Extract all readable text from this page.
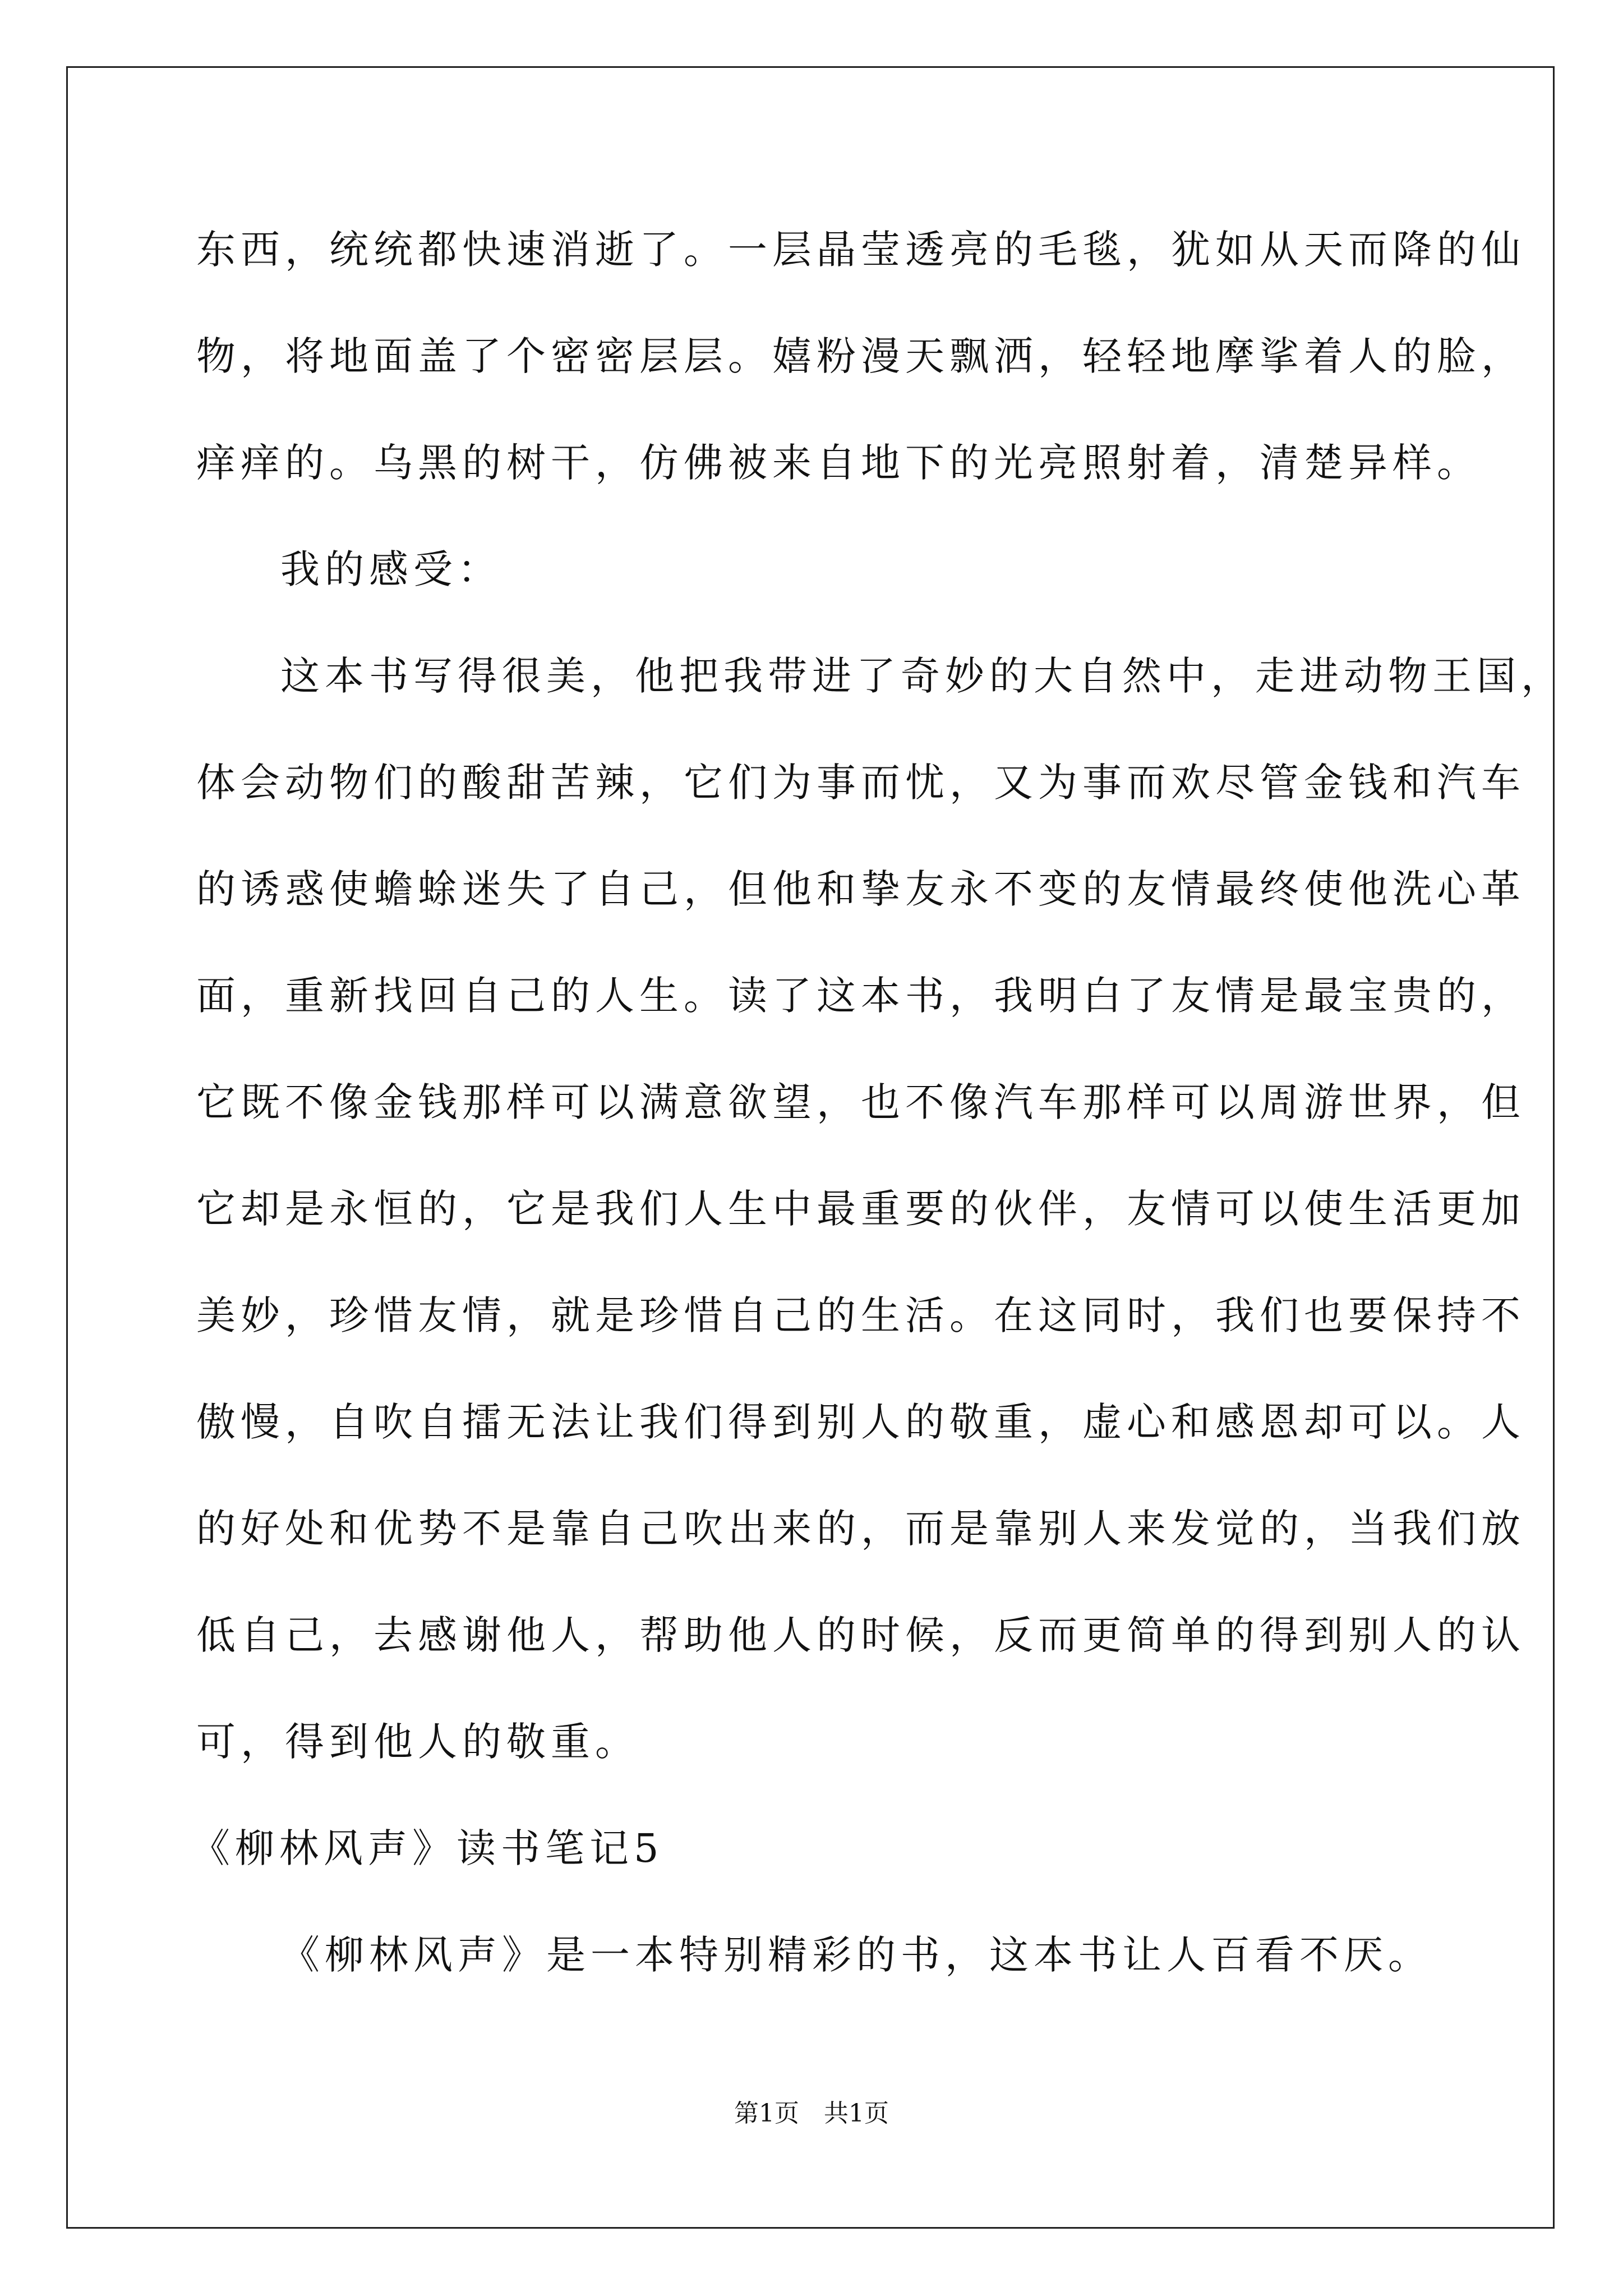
东西，统统都快速消逝了。一层晶莹透亮的毛毯，犹如从天而降的仙
物，将地面盖了个密密层层。嬉粉漫天飘洒，轻轻地摩挲着人的脸，
痒痒的。乌黑的树干，仿佛被来自地下的光亮照射着，清楚异样。
我的感受：
这本书写得很美，他把我带进了奇妙的大自然中，走进动物王国，
体会动物们的酸甜苦辣，它们为事而忧，又为事而欢尽管金钱和汽车
的诱惑使蟾蜍迷失了自己，但他和挚友永不变的友情最终使他洗心革
面，重新找回自己的人生。读了这本书，我明白了友情是最宝贵的，
它既不像金钱那样可以满意欲望，也不像汽车那样可以周游世界，但
它却是永恒的，它是我们人生中最重要的伙伴，友情可以使生活更加
美妙，珍惜友情，就是珍惜自己的生活。在这同时，我们也要保持不
傲慢，自吹自擂无法让我们得到别人的敬重，虚心和感恩却可以。人
的好处和优势不是靠自己吹出来的，而是靠别人来发觉的，当我们放
低自己，去感谢他人，帮助他人的时候，反而更简单的得到别人的认
可，得到他人的敬重。
《柳林风声》读书笔记5
《柳林风声》是一本特别精彩的书，这本书让人百看不厌。
第1页　共1页
